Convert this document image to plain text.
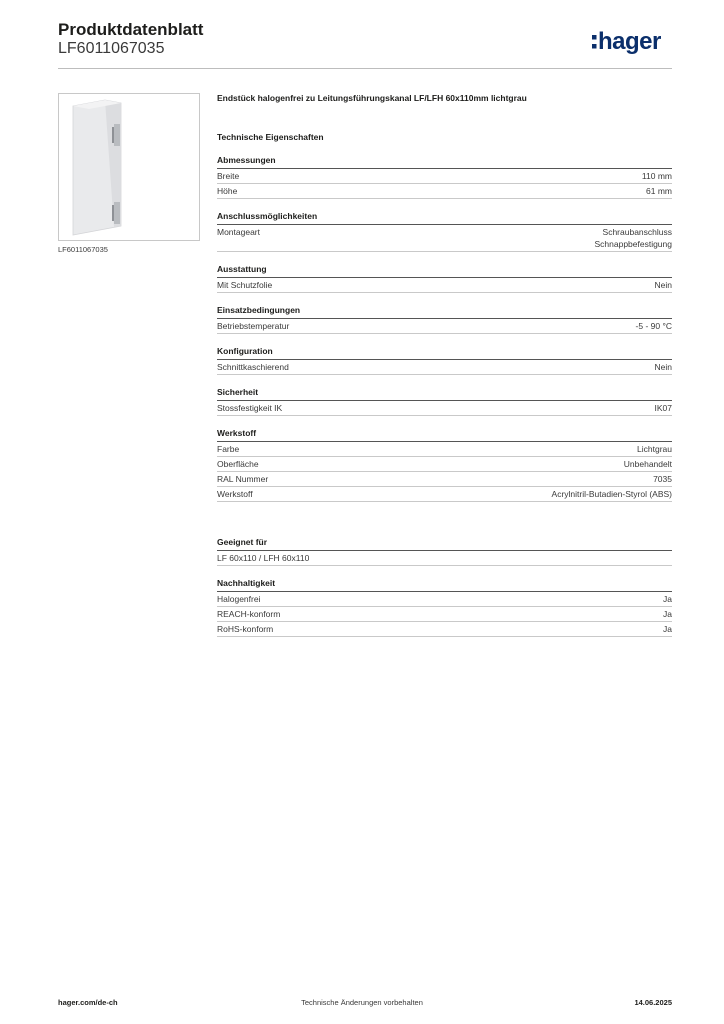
Produktdatenblatt
LF6011067035	hager
LF6011067035
Endstück halogenfrei zu Leitungsführungskanal LF/LFH 60x110mm lichtgrau
Technische Eigenschaften
Abmessungen
Breite	110 mm
Höhe	61 mm
Anschlussmöglichkeiten
Montageart	Schraubanschluss
Schnappbefestigung
Ausstattung
Mit Schutzfolie	Nein
Einsatzbedingungen
Betriebstemperatur	-5 - 90 °C
Konfiguration
Schnittkaschierend	Nein
Sicherheit
Stossfestigkeit IK	IK07
Werkstoff
Farbe	Lichtgrau
Oberfläche	Unbehandelt
RAL Nummer	7035
Werkstoff	Acrylnitril-Butadien-Styrol (ABS)
Geeignet für
LF 60x110 / LFH 60x110
Nachhaltigkeit
Halogenfrei	Ja
REACH-konform	Ja
RoHS-konform	Ja
hager.com/de-ch	Technische Änderungen vorbehalten	14.06.2025
